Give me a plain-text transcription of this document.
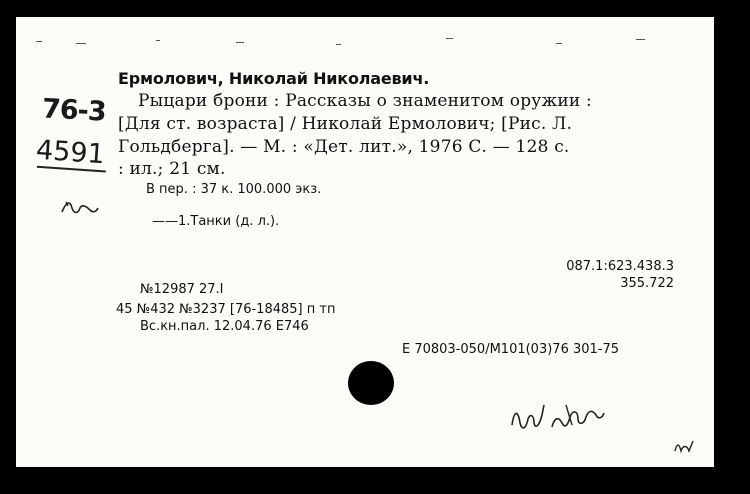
76-3
4591
Ермолович, Николай Николаевич.
Рыцари брони : Рассказы о знаменитом оружии :
[Для ст. возраста] / Николай Ермолович; [Рис. Л.
Гольдберга]. — М. : «Дет. лит.», 1976 С. — 128 с.
: ил.; 21 см.
В пер. : 37 к. 100.000 экз.
——1.Танки (д. л.).
087.1:623.438.3
355.722
№12987 27.I
45 №432 №3237 [76-18485] п тп
Вс.кн.пал. 12.04.76 Е746
Е 70803-050/М101(03)76 301-75
